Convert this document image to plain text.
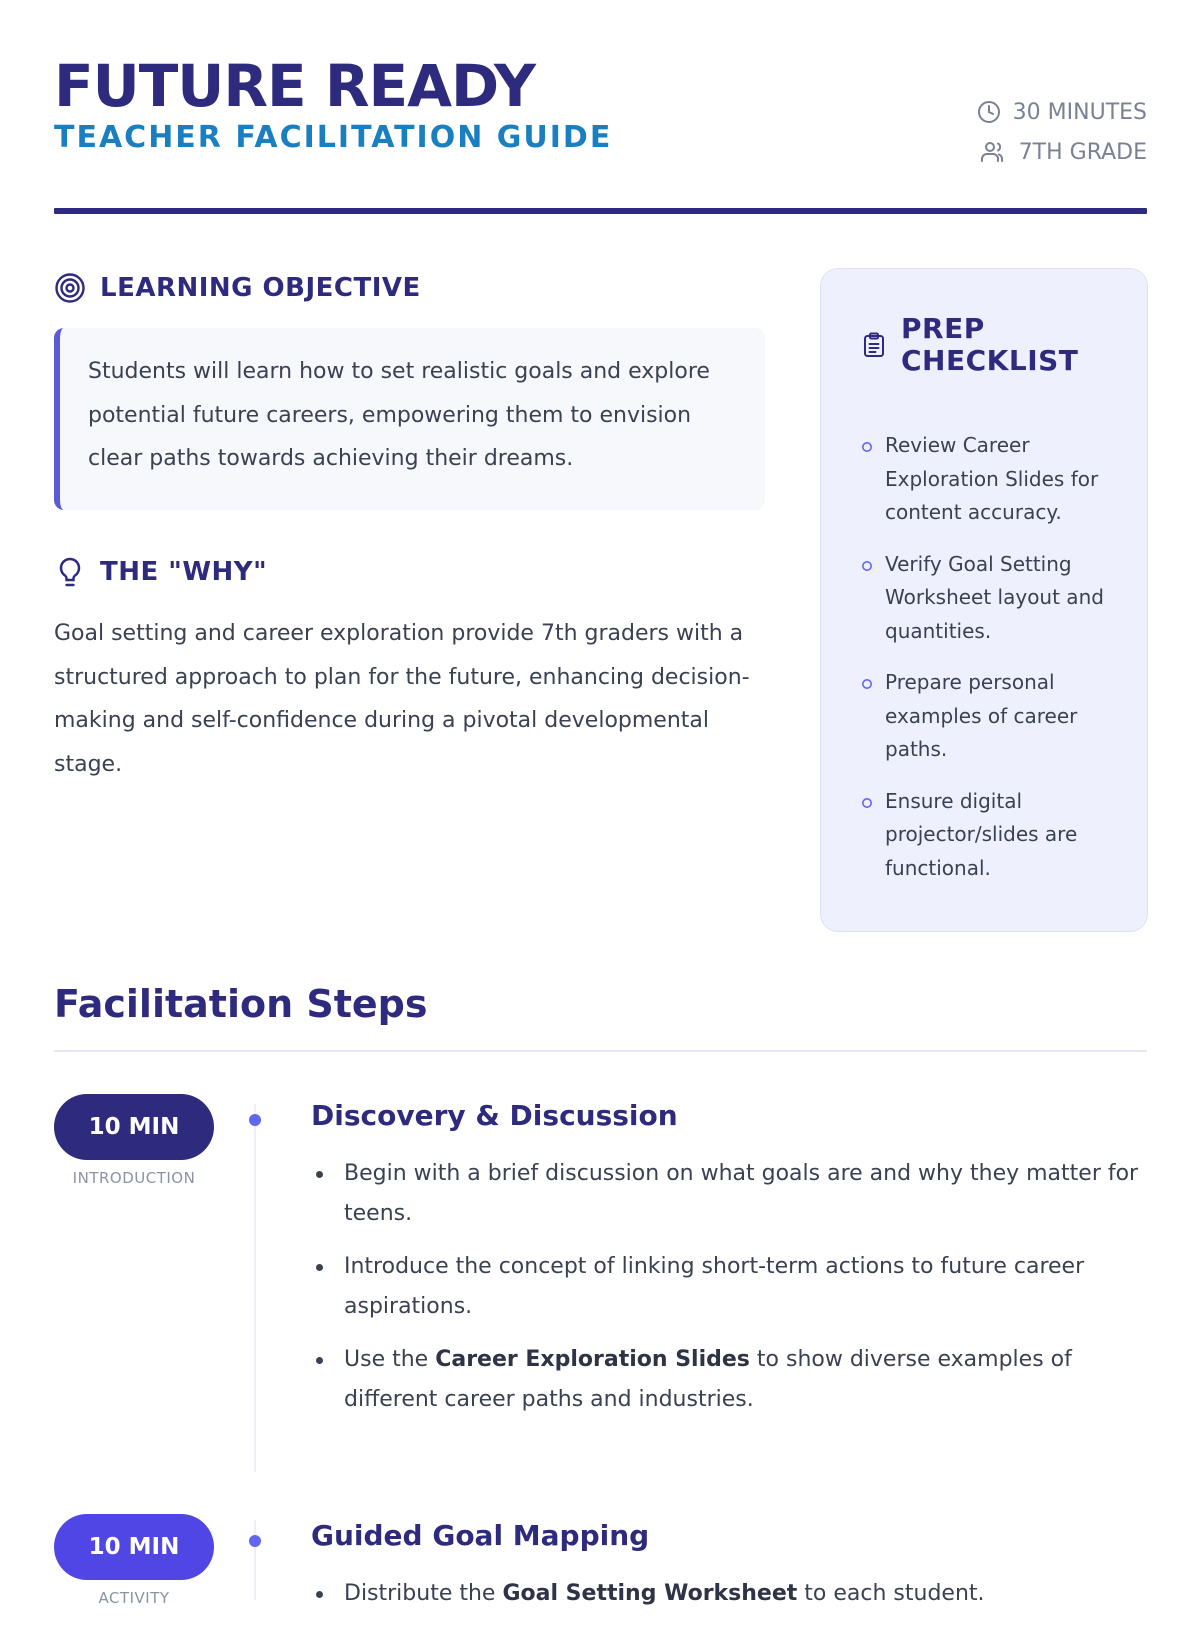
FUTURE READY

TEACHER FACILITATION GUIDE

30 MINUTES
7TH GRADE
LEARNING OBJECTIVE
Students will learn how to set realistic goals and explore potential future careers, empowering them to envision clear paths towards achieving their dreams.
THE "WHY"

Goal setting and career exploration provide 7th graders with a structured approach to plan for the future, enhancing decision-making and self-confidence during a pivotal developmental stage.

PREP CHECKLIST
Review Career Exploration Slides for content accuracy.
Verify Goal Setting Worksheet layout and quantities.
Prepare personal examples of career paths.
Ensure digital projector/slides are functional.
Facilitation Steps
10 MIN
INTRODUCTION
Discovery & Discussion
Begin with a brief discussion on what goals are and why they matter for teens.
Introduce the concept of linking short-term actions to future career aspirations.
Use the Career Exploration Slides to show diverse examples of different career paths and industries.
10 MIN
ACTIVITY
Guided Goal Mapping
Distribute the Goal Setting Worksheet to each student.
